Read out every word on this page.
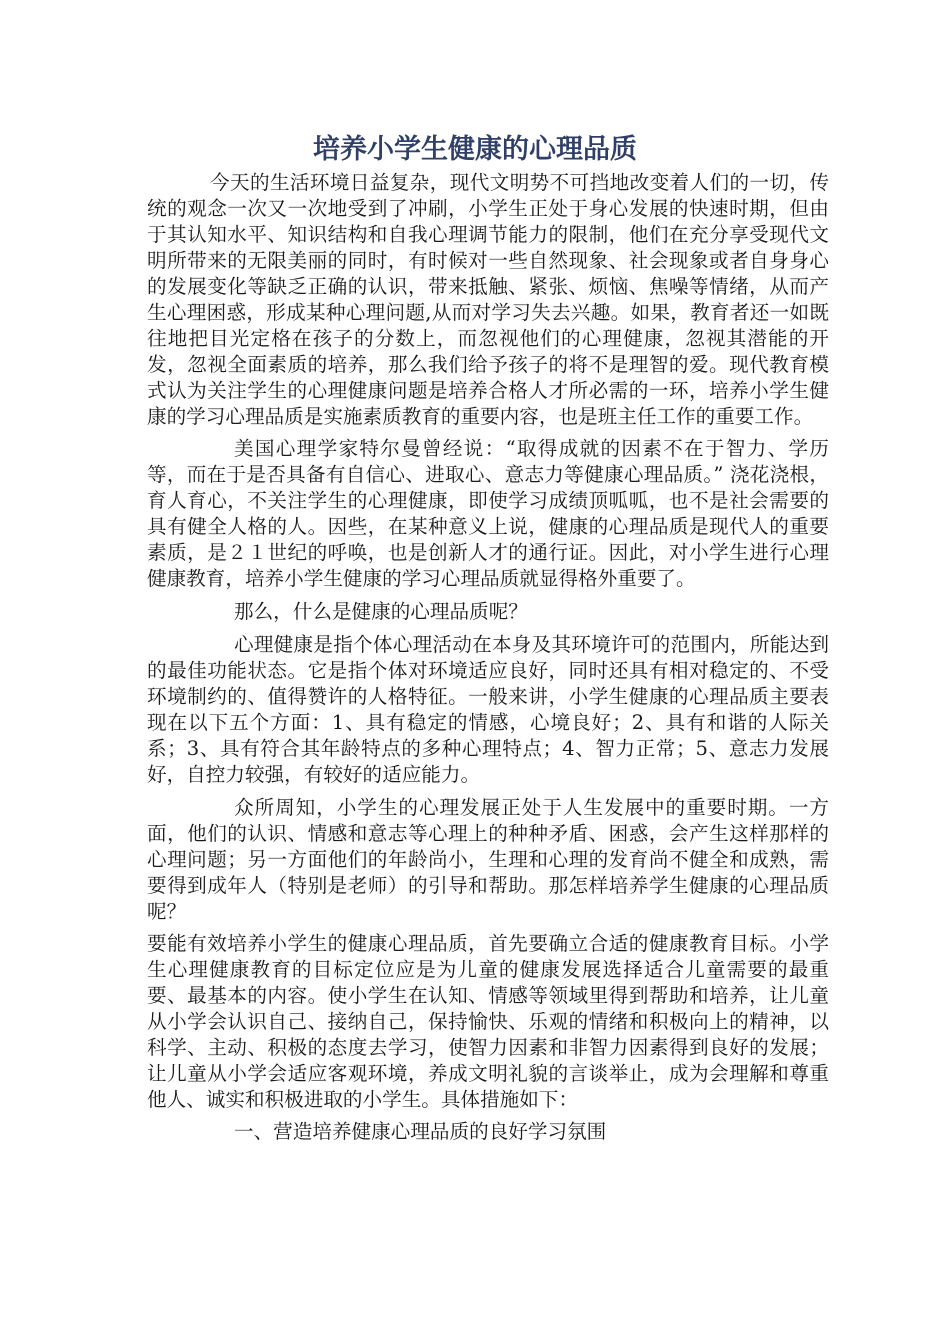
培养小学生健康的心理品质

今天的生活环境日益复杂，现代文明势不可挡地改变着人们的一切，传统的观念一次又一次地受到了冲刷，小学生正处于身心发展的快速时期，但由于其认知水平、知识结构和自我心理调节能力的限制，他们在充分享受现代文明所带来的无限美丽的同时，有时候对一些自然现象、社会现象或者自身身心的发展变化等缺乏正确的认识，带来抵触、紧张、烦恼、焦噪等情绪，从而产生心理困惑，形成某种心理问题,从而对学习失去兴趣。如果，教育者还一如既往地把目光定格在孩子的分数上，而忽视他们的心理健康，忽视其潜能的开发，忽视全面素质的培养，那么我们给予孩子的将不是理智的爱。现代教育模式认为关注学生的心理健康问题是培养合格人才所必需的一环，培养小学生健康的学习心理品质是实施素质教育的重要内容，也是班主任工作的重要工作。

美国心理学家特尔曼曾经说：“取得成就的因素不在于智力、学历等，而在于是否具备有自信心、进取心、意志力等健康心理品质。” 浇花浇根，育人育心，不关注学生的心理健康，即使学习成绩顶呱呱，也不是社会需要的具有健全人格的人。因些，在某种意义上说，健康的心理品质是现代人的重要素质，是２１世纪的呼唤，也是创新人才的通行证。因此，对小学生进行心理健康教育，培养小学生健康的学习心理品质就显得格外重要了。

那么，什么是健康的心理品质呢？

心理健康是指个体心理活动在本身及其环境许可的范围内，所能达到的最佳功能状态。它是指个体对环境适应良好，同时还具有相对稳定的、不受环境制约的、值得赞许的人格特征。一般来讲，小学生健康的心理品质主要表现在以下五个方面：1、具有稳定的情感，心境良好；2、具有和谐的人际关系；3、具有符合其年龄特点的多种心理特点；4、智力正常；5、意志力发展好，自控力较强，有较好的适应能力。

众所周知，小学生的心理发展正处于人生发展中的重要时期。一方面，他们的认识、情感和意志等心理上的种种矛盾、困惑，会产生这样那样的心理问题；另一方面他们的年龄尚小，生理和心理的发育尚不健全和成熟，需要得到成年人（特别是老师）的引导和帮助。那怎样培养学生健康的心理品质呢？

要能有效培养小学生的健康心理品质，首先要确立合适的健康教育目标。小学生心理健康教育的目标定位应是为儿童的健康发展选择适合儿童需要的最重要、最基本的内容。使小学生在认知、情感等领域里得到帮助和培养，让儿童从小学会认识自己、接纳自己，保持愉快、乐观的情绪和积极向上的精神，以科学、主动、积极的态度去学习，使智力因素和非智力因素得到良好的发展；让儿童从小学会适应客观环境，养成文明礼貌的言谈举止，成为会理解和尊重他人、诚实和积极进取的小学生。具体措施如下：

一、营造培养健康心理品质的良好学习氛围
